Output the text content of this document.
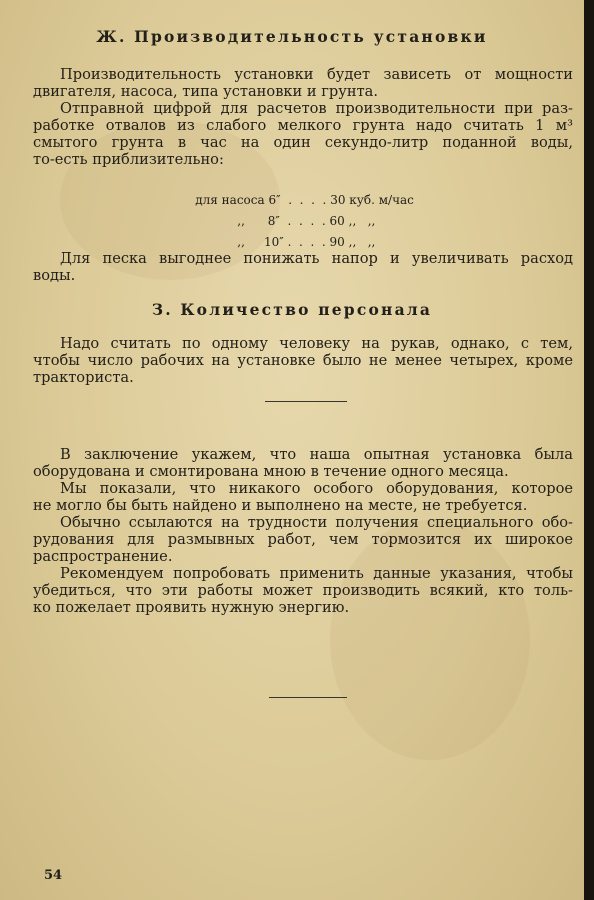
Ж. Производительность установки

Производительность установки будет зависеть от мощности
двигателя, насоса, типа установки и грунта.

Отправной цифрой для расчетов производительности при раз-
работке отвалов из слабого мелкого грунта надо считать 1 м³
смытого грунта в час на один секундо-литр поданной воды,
то-есть приблизительно:

для насоса 6″  .  .  .  . 30 куб. м/час

,, 8″  .  .  .  . 60 ,,   ,,

,, 10″ .  .  .  . 90 ,,   ,,

Для песка выгоднее понижать напор и увеличивать расход
воды.

З. Количество персонала

Надо считать по одному человеку на рукав, однако, с тем,
чтобы число рабочих на установке было не менее четырех, кроме
тракториста.

В заключение укажем, что наша опытная установка была
оборудована и смонтирована мною в течение одного месяца.

Мы показали, что никакого особого оборудования, которое
не могло бы быть найдено и выполнено на месте, не требуется.

Обычно ссылаются на трудности получения специального обо-
рудования для размывных работ, чем тормозится их широкое
распространение.

Рекомендуем попробовать применить данные указания, чтобы
убедиться, что эти работы может производить всякий, кто толь-
ко пожелает проявить нужную энергию.

54
